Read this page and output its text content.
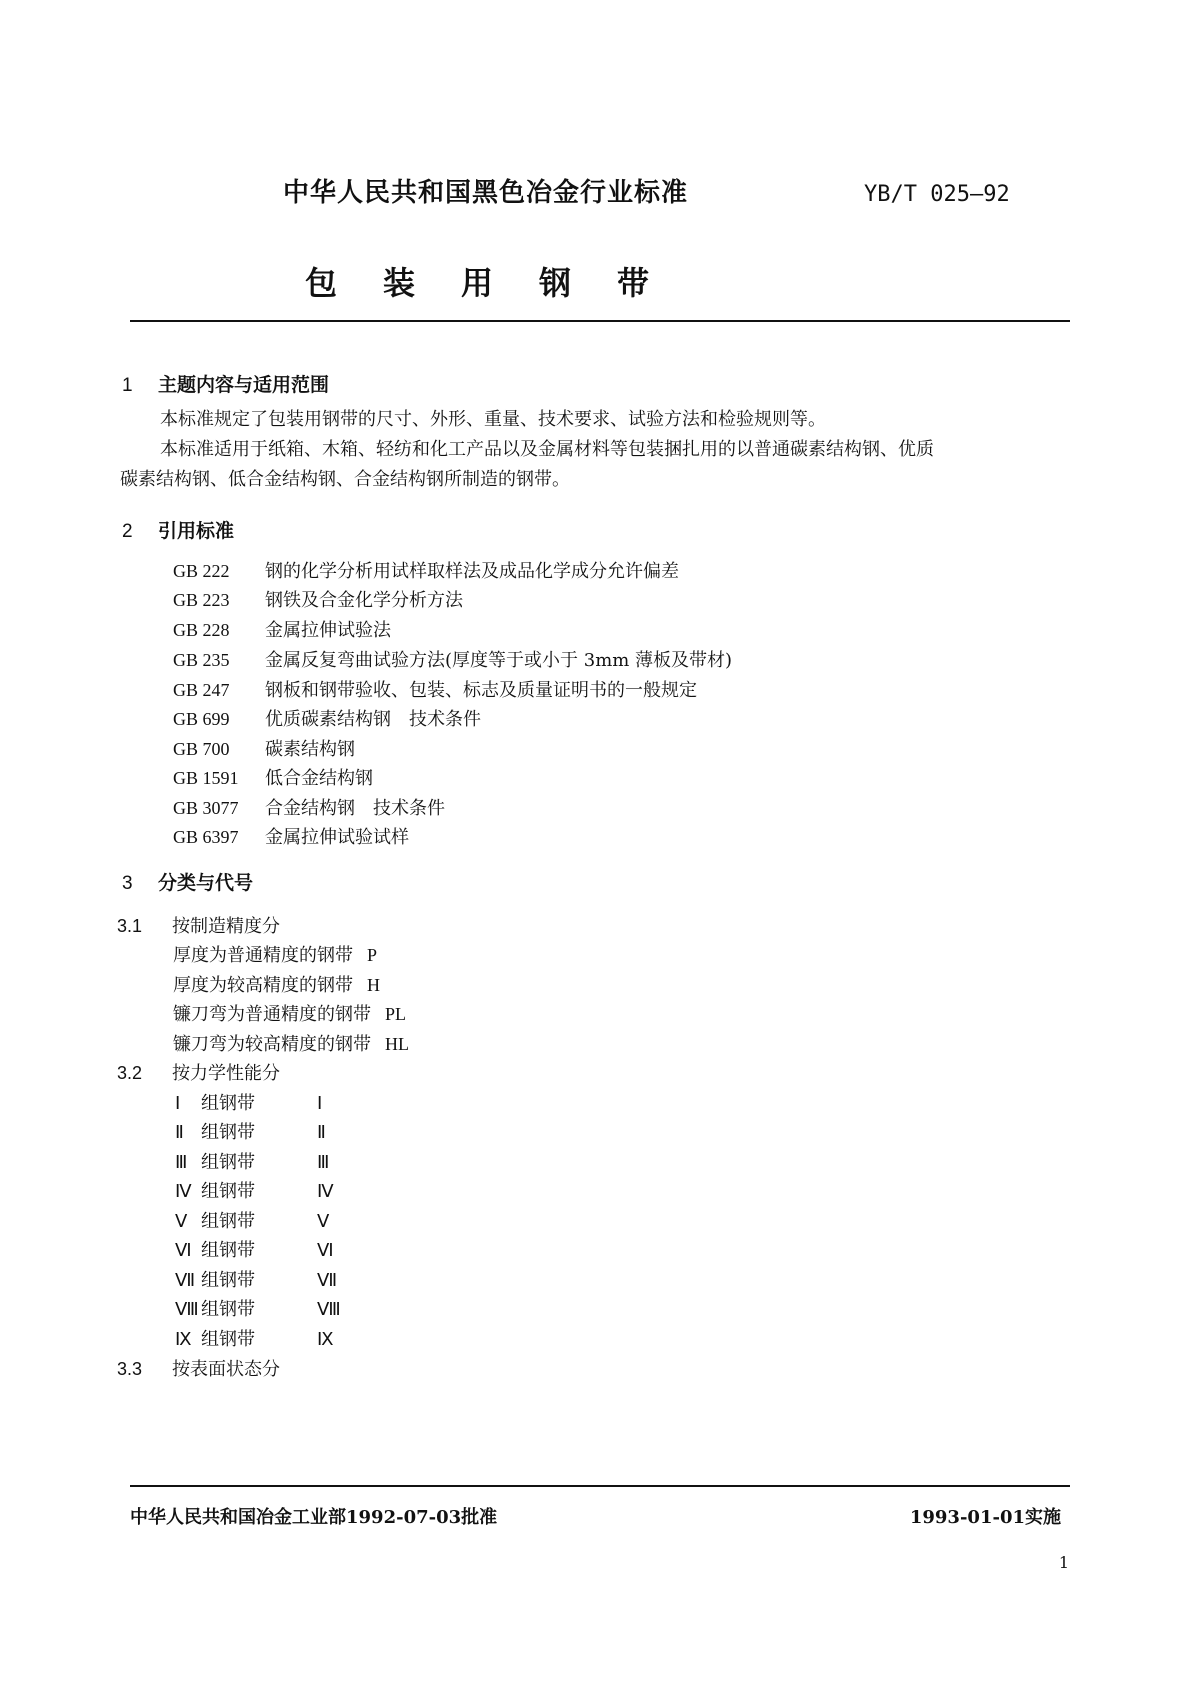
中华人民共和国黑色冶金行业标准	YB/T 025—92
包装用钢带
1 主题内容与适用范围
本标准规定了包装用钢带的尺寸、外形、重量、技术要求、试验方法和检验规则等。
本标准适用于纸箱、木箱、轻纺和化工产品以及金属材料等包装捆扎用的以普通碳素结构钢、优质
碳素结构钢、低合金结构钢、合金结构钢所制造的钢带。
2 引用标准
GB 222 钢的化学分析用试样取样法及成品化学成分允许偏差
GB 223 钢铁及合金化学分析方法
GB 228 金属拉伸试验法
GB 235 金属反复弯曲试验方法(厚度等于或小于 3mm 薄板及带材)
GB 247 钢板和钢带验收、包装、标志及质量证明书的一般规定
GB 699 优质碳素结构钢　技术条件
GB 700 碳素结构钢
GB 1591 低合金结构钢
GB 3077 合金结构钢　技术条件
GB 6397 金属拉伸试验试样
3 分类与代号
3.1 按制造精度分
厚度为普通精度的钢带 P
厚度为较高精度的钢带 H
镰刀弯为普通精度的钢带 PL
镰刀弯为较高精度的钢带 HL
3.2 按力学性能分
Ⅰ 组钢带	Ⅰ
Ⅱ 组钢带	Ⅱ
Ⅲ 组钢带	Ⅲ
Ⅳ 组钢带	Ⅳ
Ⅴ 组钢带	Ⅴ
Ⅵ 组钢带	Ⅵ
Ⅶ 组钢带	Ⅶ
Ⅷ 组钢带	Ⅷ
Ⅸ 组钢带	Ⅸ
3.3 按表面状态分
中华人民共和国冶金工业部1992-07-03批准	1993-01-01实施
1
